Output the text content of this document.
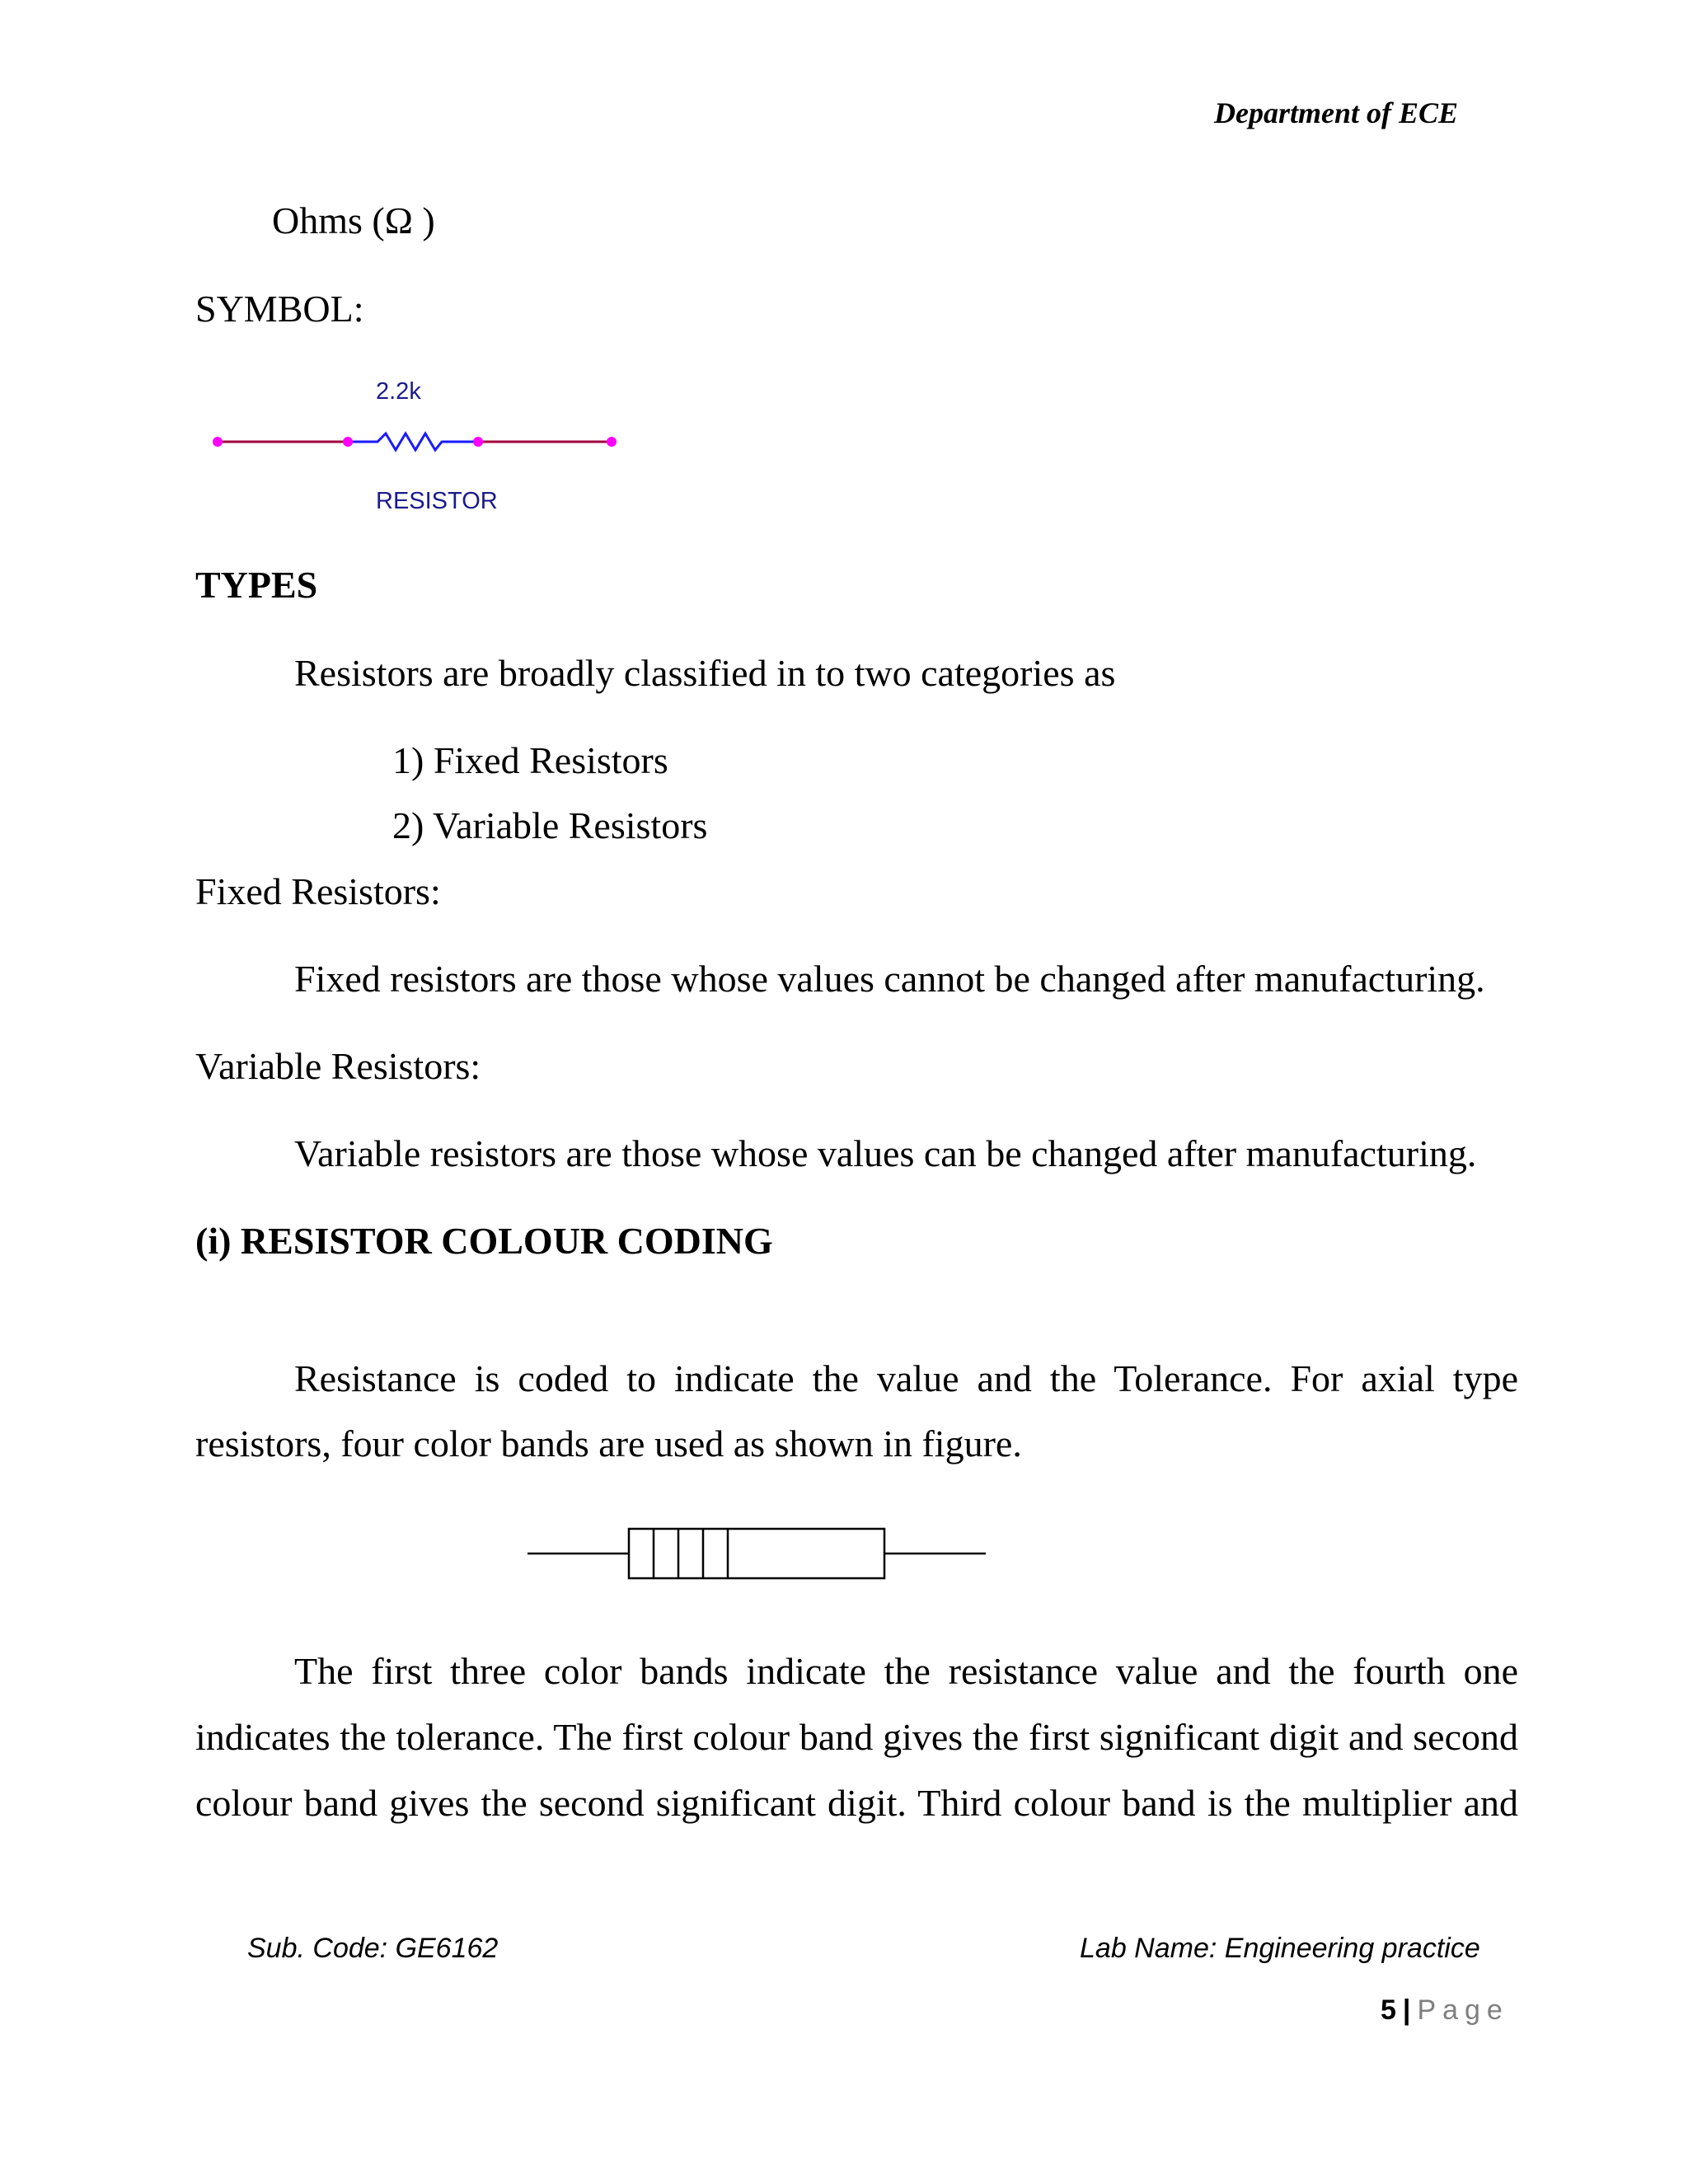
Department of ECE
Ohms (Ω )
SYMBOL:
2.2k
RESISTOR
TYPES
Resistors are broadly classified in to two categories as
1) Fixed Resistors
2) Variable Resistors
Fixed Resistors:
Fixed resistors are those whose values cannot be changed after manufacturing.
Variable Resistors:
Variable resistors are those whose values can be changed after manufacturing.
(i) RESISTOR COLOUR CODING
Resistance is coded to indicate the value and the Tolerance. For axial type
resistors, four color bands are used as shown in figure.
The first three color bands indicate the resistance value and the fourth one
indicates the tolerance. The first colour band gives the first significant digit and second
colour band gives the second significant digit. Third colour band is the multiplier and
Sub. Code: GE6162	Lab Name: Engineering practice
5 | Page
